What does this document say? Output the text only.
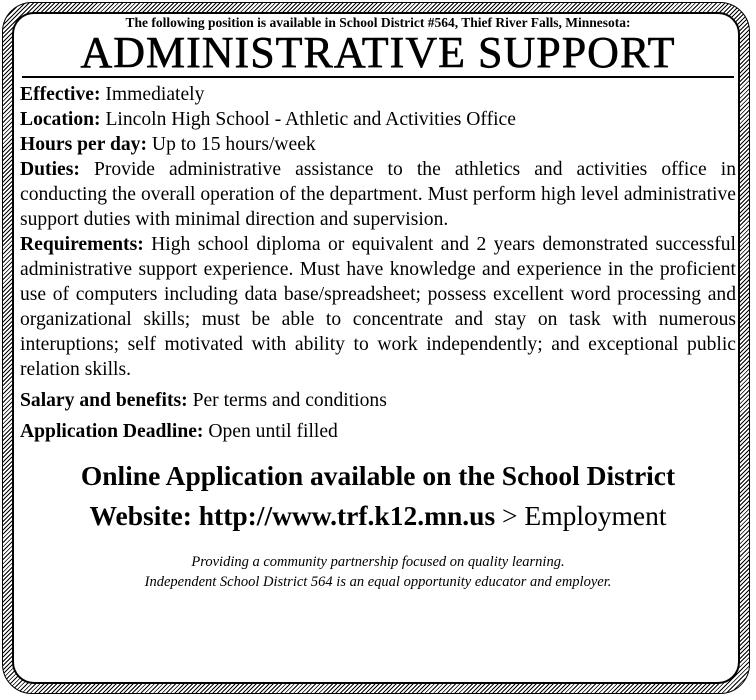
The following position is available in School District #564, Thief River Falls, Minnesota:
ADMINISTRATIVE SUPPORT
Effective: Immediately
Location: Lincoln High School - Athletic and Activities Office
Hours per day: Up to 15 hours/week
Duties: Provide administrative assistance to the athletics and activities office in conducting the overall operation of the department. Must perform high level administrative support duties with minimal direction and supervision.
Requirements: High school diploma or equivalent and 2 years demonstrated successful administrative support experience. Must have knowledge and experience in the proficient use of computers including data base/spreadsheet; possess excellent word processing and organizational skills; must be able to concentrate and stay on task with numerous interuptions; self motivated with ability to work independently; and exceptional public relation skills.
Salary and benefits: Per terms and conditions
Application Deadline: Open until filled
Online Application available on the School District
Website: http://www.trf.k12.mn.us > Employment
Providing a community partnership focused on quality learning.
Independent School District 564 is an equal opportunity educator and employer.
